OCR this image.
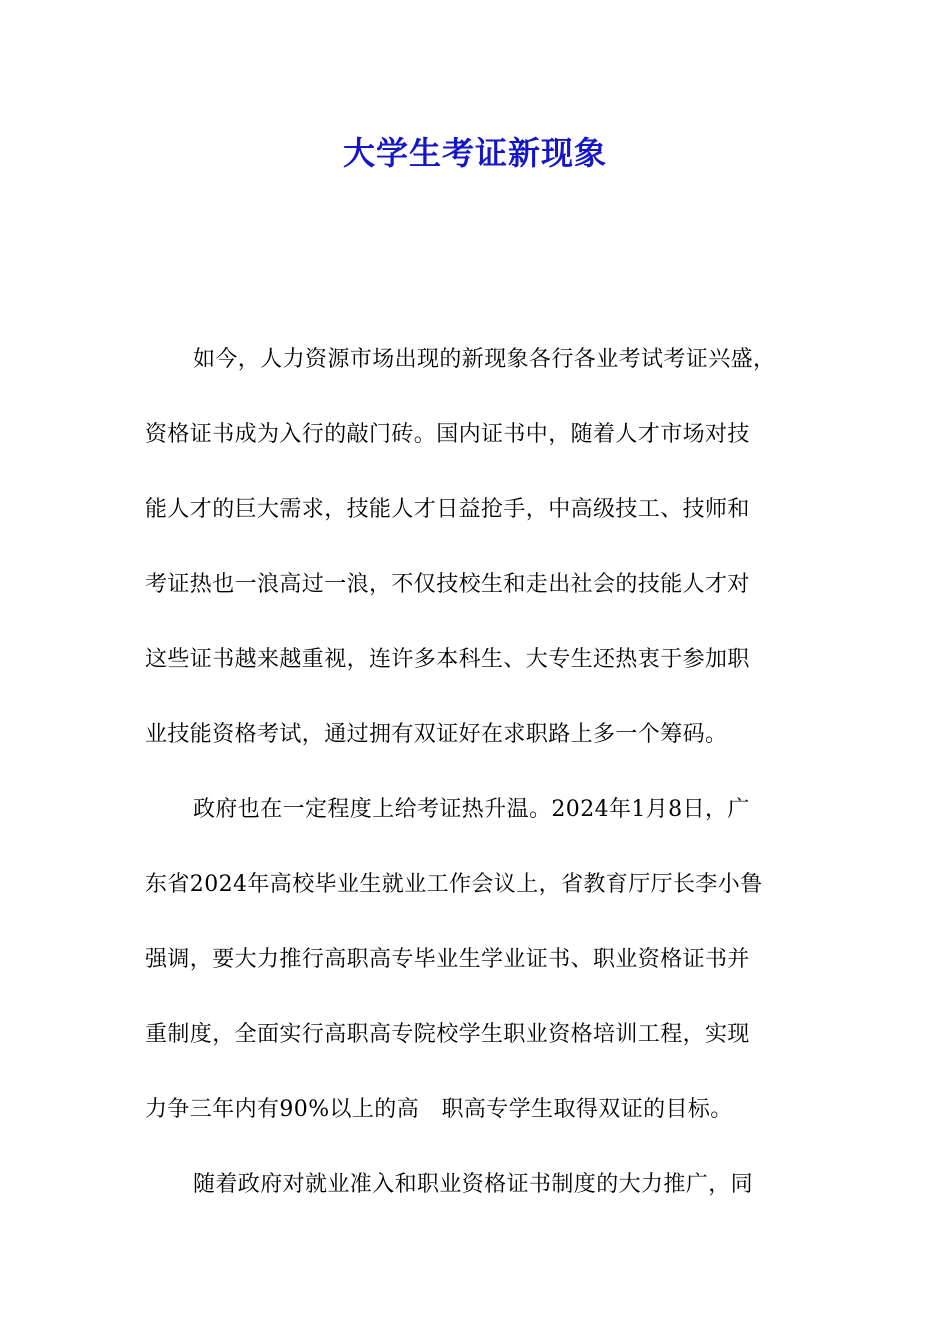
大学生考证新现象
如今，人力资源市场出现的新现象各行各业考试考证兴盛，
资格证书成为入行的敲门砖。国内证书中，随着人才市场对技
能人才的巨大需求，技能人才日益抢手，中高级技工、技师和
考证热也一浪高过一浪，不仅技校生和走出社会的技能人才对
这些证书越来越重视，连许多本科生、大专生还热衷于参加职
业技能资格考试，通过拥有双证好在求职路上多一个筹码。
政府也在一定程度上给考证热升温。2024年1月8日，广
东省2024年高校毕业生就业工作会议上，省教育厅厅长李小鲁
强调，要大力推行高职高专毕业生学业证书、职业资格证书并
重制度，全面实行高职高专院校学生职业资格培训工程，实现
力争三年内有90%以上的高　职高专学生取得双证的目标。
随着政府对就业准入和职业资格证书制度的大力推广，同
